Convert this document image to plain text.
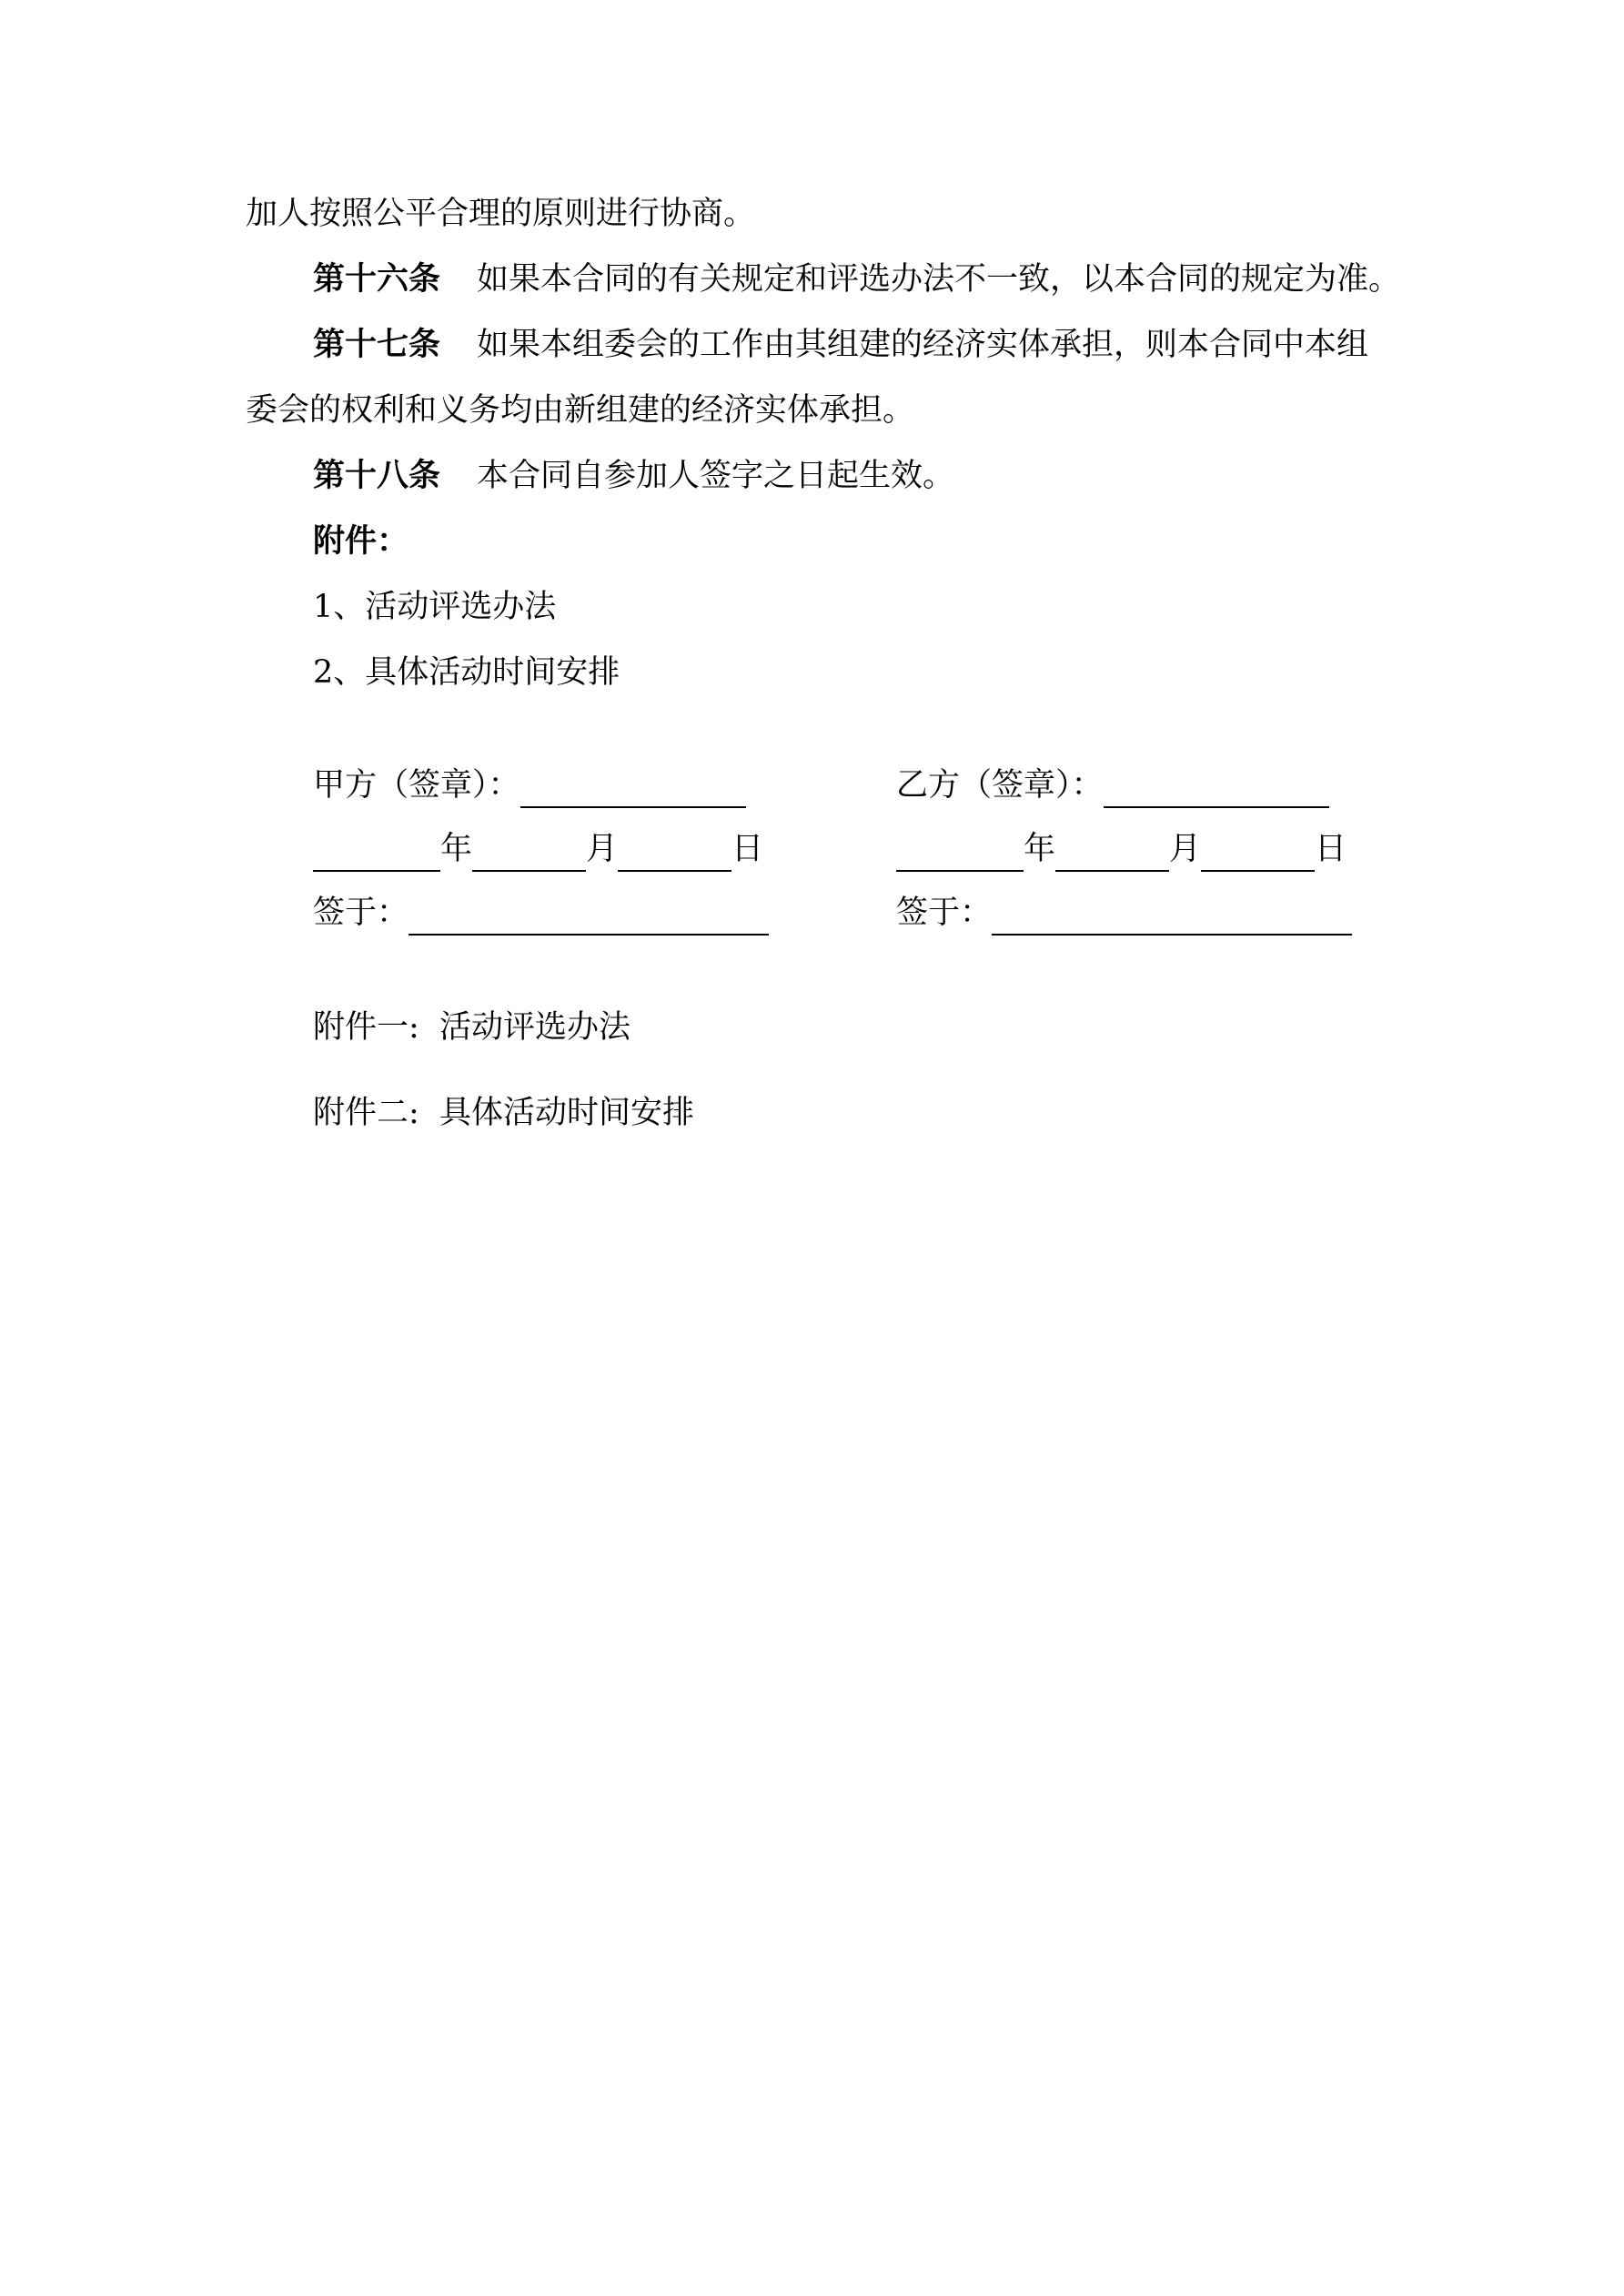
加人按照公平合理的原则进行协商。
第十六条 如果本合同的有关规定和评选办法不一致，以本合同的规定为准。
第十七条 如果本组委会的工作由其组建的经济实体承担，则本合同中本组
委会的权利和义务均由新组建的经济实体承担。
第十八条 本合同自参加人签字之日起生效。
附件：
1、活动评选办法
2、具体活动时间安排
甲方（签章）：	乙方（签章）：
年	月	日	年	月	日
签于：	签于：
附件一:  活动评选办法
附件二:  具体活动时间安排
